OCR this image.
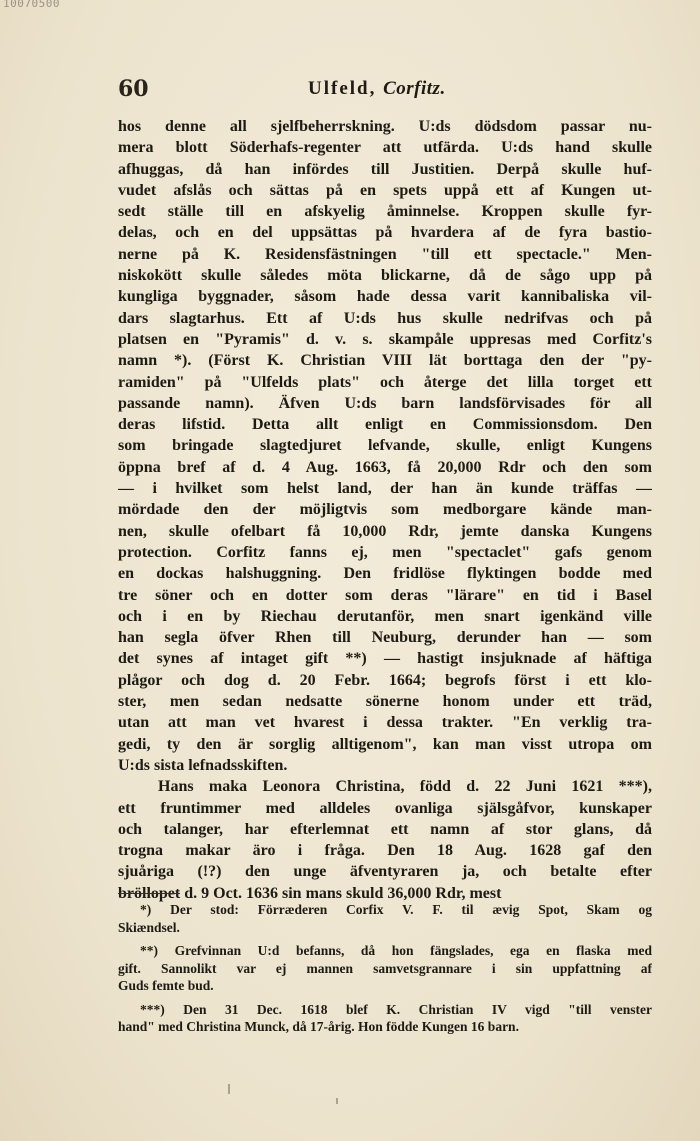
10070500
60	Ulfeld, Corfitz.
hos denne all sjelfbeherrskning. U:ds dödsdom passar nu-
mera blott Söderhafs-regenter att utfärda. U:ds hand skulle
afhuggas, då han infördes till Justitien. Derpå skulle huf-
vudet afslås och sättas på en spets uppå ett af Kungen ut-
sedt ställe till en afskyelig åminnelse. Kroppen skulle fyr-
delas, och en del uppsättas på hvardera af de fyra bastio-
nerne på K. Residensfästningen "till ett spectacle." Men-
niskokött skulle således möta blickarne, då de sågo upp på
kungliga byggnader, såsom hade dessa varit kannibaliska vil-
dars slagtarhus. Ett af U:ds hus skulle nedrifvas och på
platsen en "Pyramis" d. v. s. skampåle uppresas med Corfitz's
namn *). (Först K. Christian VIII lät borttaga den der "py-
ramiden" på "Ulfelds plats" och återge det lilla torget ett
passande namn). Äfven U:ds barn landsförvisades för all
deras lifstid. Detta allt enligt en Commissionsdom. Den
som bringade slagtedjuret lefvande, skulle, enligt Kungens
öppna bref af d. 4 Aug. 1663, få 20,000 Rdr och den som
— i hvilket som helst land, der han än kunde träffas —
mördade den der möjligtvis som medborgare kände man-
nen, skulle ofelbart få 10,000 Rdr, jemte danska Kungens
protection. Corfitz fanns ej, men "spectaclet" gafs genom
en dockas halshuggning. Den fridlöse flyktingen bodde med
tre söner och en dotter som deras "lärare" en tid i Basel
och i en by Riechau derutanför, men snart igenkänd ville
han segla öfver Rhen till Neuburg, derunder han — som
det synes af intaget gift **) — hastigt insjuknade af häftiga
plågor och dog d. 20 Febr. 1664; begrofs först i ett klo-
ster, men sedan nedsatte sönerne honom under ett träd,
utan att man vet hvarest i dessa trakter. "En verklig tra-
gedi, ty den är sorglig alltigenom", kan man visst utropa om
U:ds sista lefnadsskiften.
Hans maka Leonora Christina, född d. 22 Juni 1621 ***),
ett fruntimmer med alldeles ovanliga själsgåfvor, kunskaper
och talanger, har efterlemnat ett namn af stor glans, då
trogna makar äro i fråga. Den 18 Aug. 1628 gaf den
sjuåriga (!?) den unge äfventyraren ja, och betalte efter
bröllopet d. 9 Oct. 1636 sin mans skuld 36,000 Rdr, mest
*) Der stod: Förræderen Corfix V. F. til ævig Spot, Skam og
Skiændsel.
**) Grefvinnan U:d befanns, då hon fängslades, ega en flaska med
gift. Sannolikt var ej mannen samvetsgrannare i sin uppfattning af
Guds femte bud.
***) Den 31 Dec. 1618 blef K. Christian IV vigd "till venster
hand" med Christina Munck, då 17-årig. Hon födde Kungen 16 barn.
